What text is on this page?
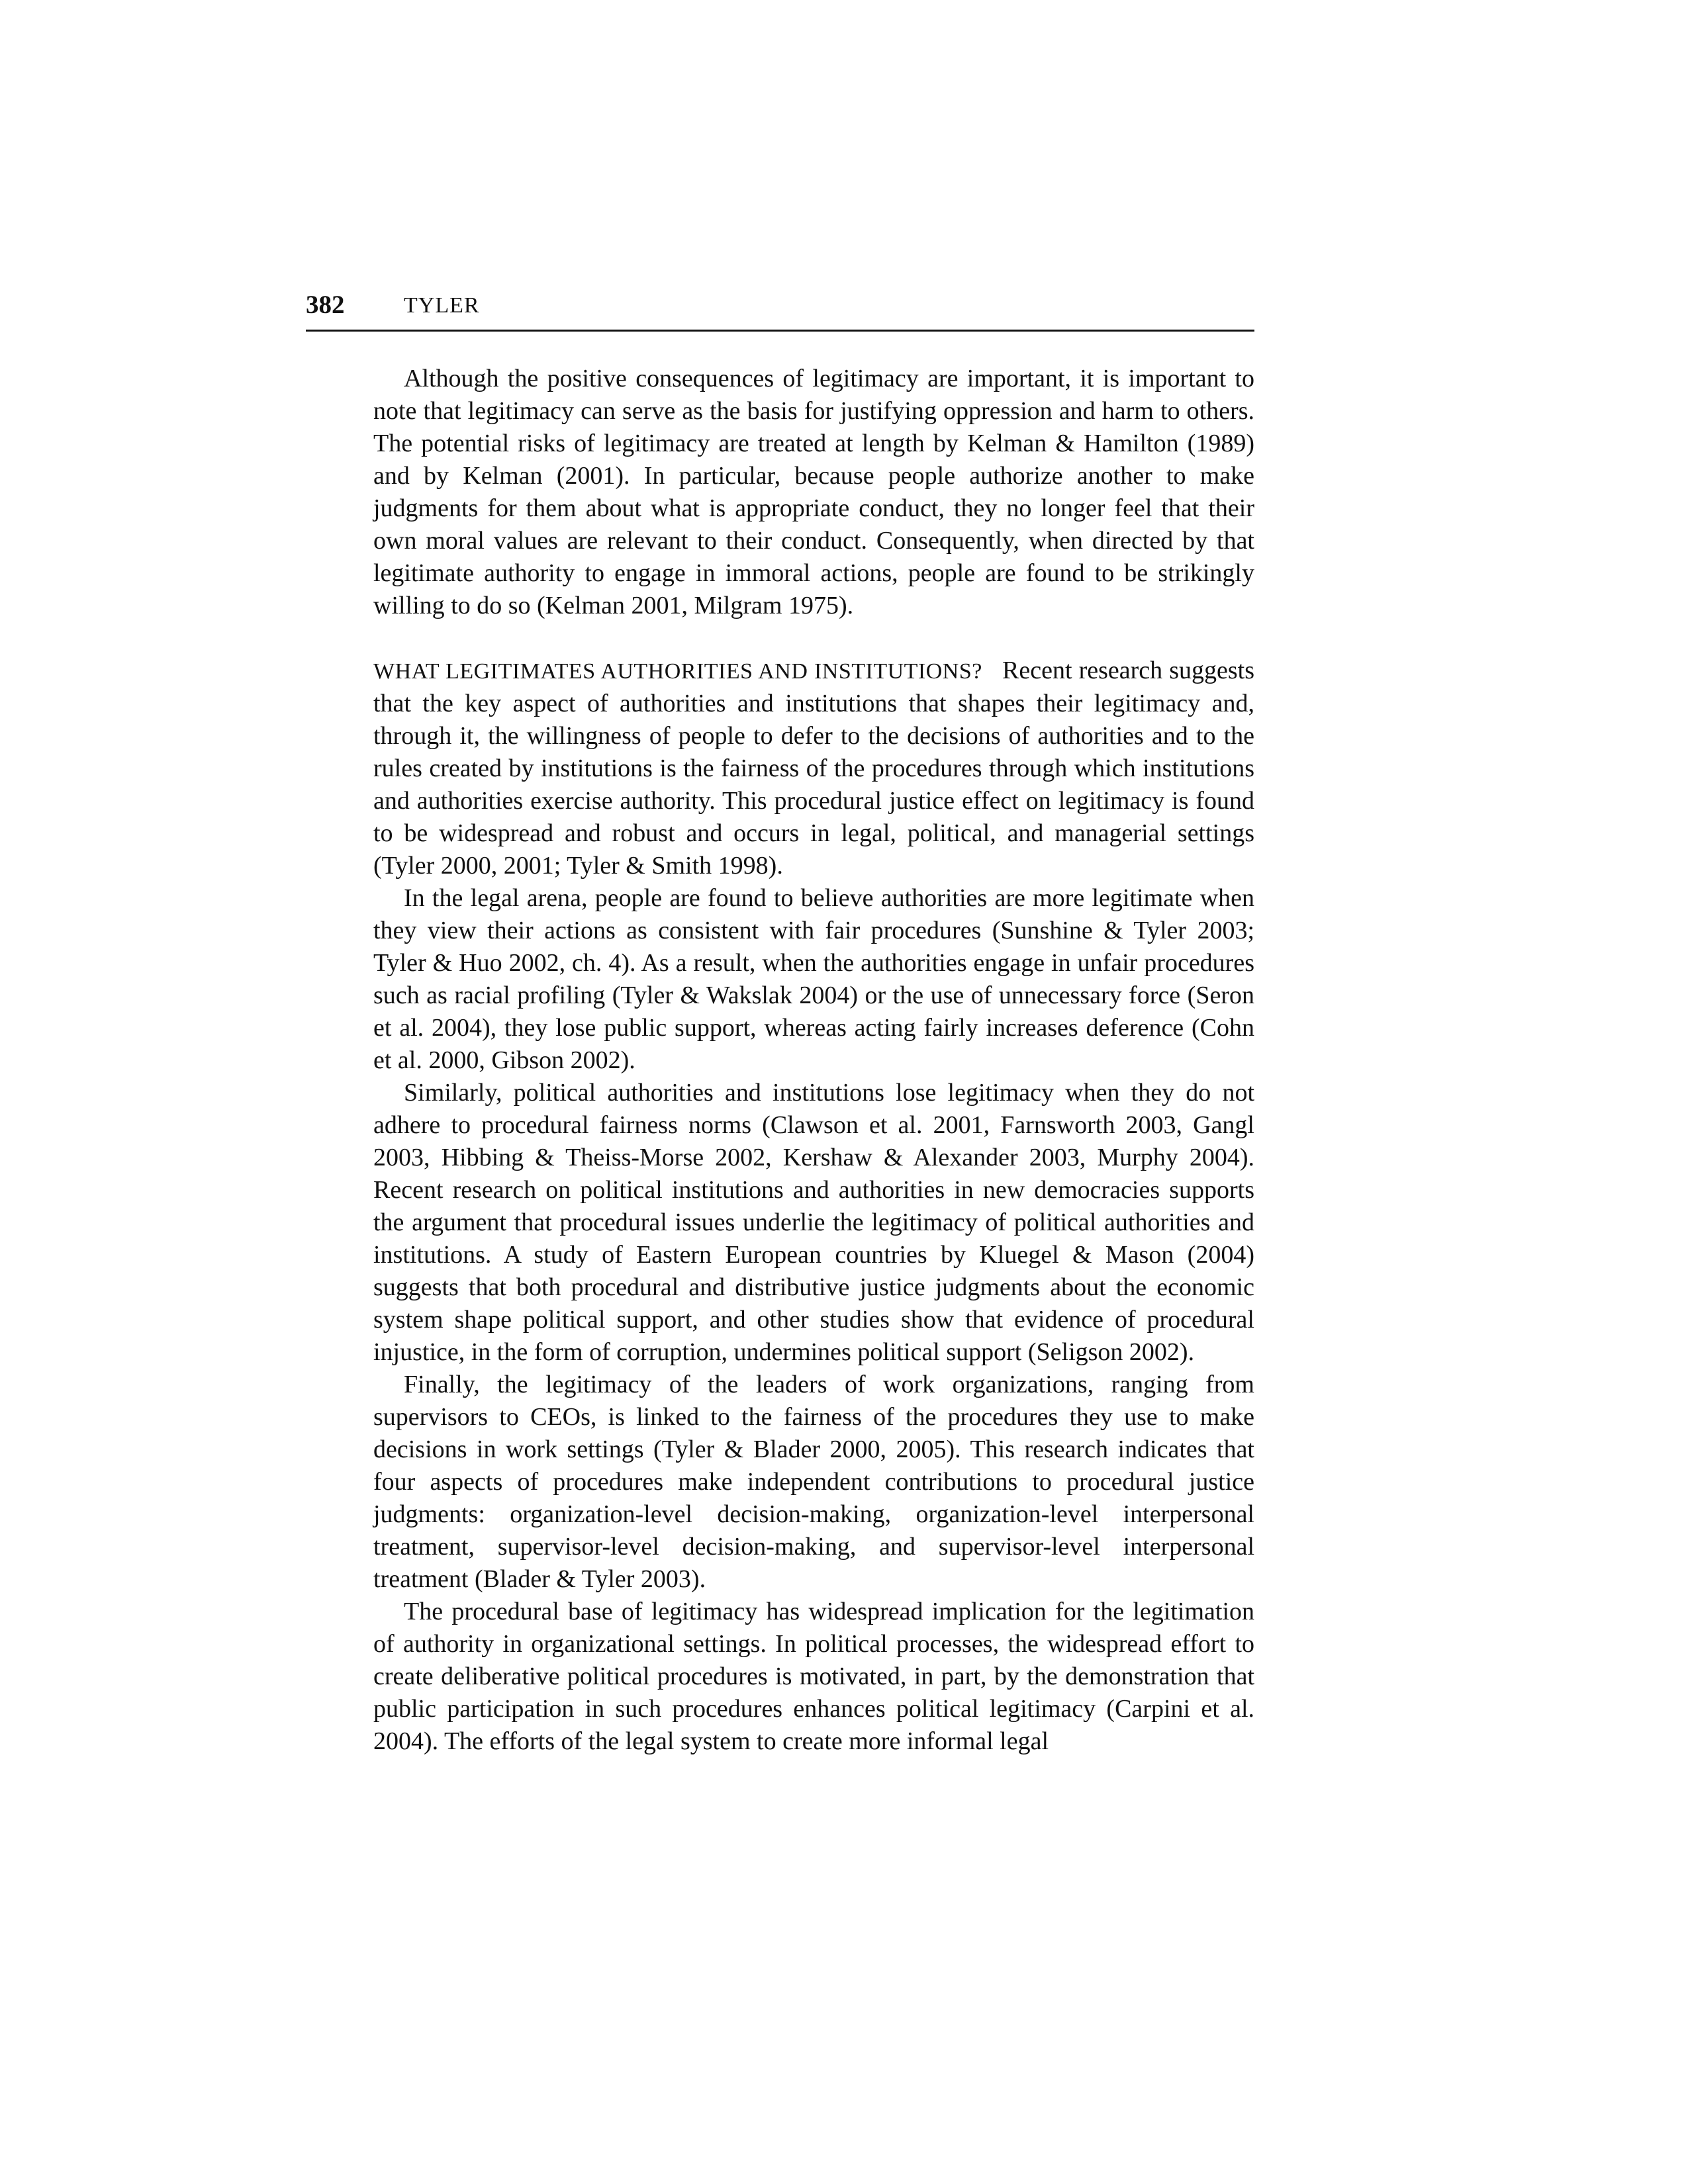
382	TYLER

Although the positive consequences of legitimacy are important, it is important to note that legitimacy can serve as the basis for justifying oppression and harm to others. The potential risks of legitimacy are treated at length by Kelman & Hamilton (1989) and by Kelman (2001). In particular, because people authorize another to make judgments for them about what is appropriate conduct, they no longer feel that their own moral values are relevant to their conduct. Consequently, when directed by that legitimate authority to engage in immoral actions, people are found to be strikingly willing to do so (Kelman 2001, Milgram 1975).

WHAT LEGITIMATES AUTHORITIES AND INSTITUTIONS? Recent research suggests that the key aspect of authorities and institutions that shapes their legitimacy and, through it, the willingness of people to defer to the decisions of authorities and to the rules created by institutions is the fairness of the procedures through which institutions and authorities exercise authority. This procedural justice effect on legitimacy is found to be widespread and robust and occurs in legal, political, and managerial settings (Tyler 2000, 2001; Tyler & Smith 1998).

In the legal arena, people are found to believe authorities are more legitimate when they view their actions as consistent with fair procedures (Sunshine & Tyler 2003; Tyler & Huo 2002, ch. 4). As a result, when the authorities engage in unfair procedures such as racial profiling (Tyler & Wakslak 2004) or the use of unnecessary force (Seron et al. 2004), they lose public support, whereas acting fairly increases deference (Cohn et al. 2000, Gibson 2002).

Similarly, political authorities and institutions lose legitimacy when they do not adhere to procedural fairness norms (Clawson et al. 2001, Farnsworth 2003, Gangl 2003, Hibbing & Theiss-Morse 2002, Kershaw & Alexander 2003, Murphy 2004). Recent research on political institutions and authorities in new democracies supports the argument that procedural issues underlie the legitimacy of political authorities and institutions. A study of Eastern European countries by Kluegel & Mason (2004) suggests that both procedural and distributive justice judgments about the economic system shape political support, and other studies show that evidence of procedural injustice, in the form of corruption, undermines political support (Seligson 2002).

Finally, the legitimacy of the leaders of work organizations, ranging from supervisors to CEOs, is linked to the fairness of the procedures they use to make decisions in work settings (Tyler & Blader 2000, 2005). This research indicates that four aspects of procedures make independent contributions to procedural justice judgments: organization-level decision-making, organization-level interpersonal treatment, supervisor-level decision-making, and supervisor-level interpersonal treatment (Blader & Tyler 2003).

The procedural base of legitimacy has widespread implication for the legitimation of authority in organizational settings. In political processes, the widespread effort to create deliberative political procedures is motivated, in part, by the demonstration that public participation in such procedures enhances political legitimacy (Carpini et al. 2004). The efforts of the legal system to create more informal legal
